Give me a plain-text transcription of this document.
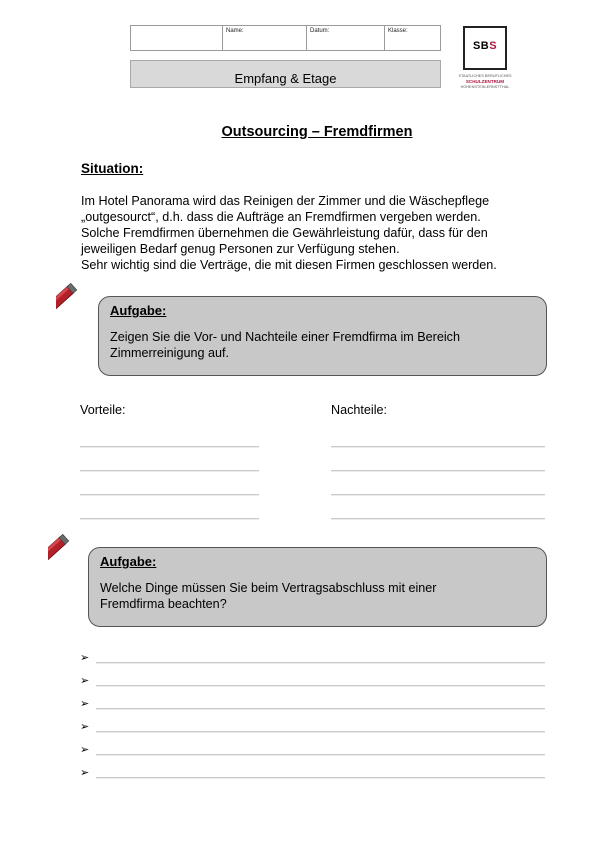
Name:	Datum:	Klasse:
Empfang & Etage
SBS
STAATLICHES BERUFLICHES
SCHULZENTRUM
HOHENSTEIN-ERNSTTHAL
Outsourcing – Fremdfirmen
Situation:
Im Hotel Panorama wird das Reinigen der Zimmer und die Wäschepflege
„outgesourct“, d.h. dass die Aufträge an Fremdfirmen vergeben werden.
Solche Fremdfirmen übernehmen die Gewährleistung dafür, dass für den
jeweiligen Bedarf genug Personen zur Verfügung stehen.
Sehr wichtig sind die Verträge, die mit diesen Firmen geschlossen werden.
Aufgabe:
Zeigen Sie die Vor- und Nachteile einer Fremdfirma im Bereich
Zimmerreinigung auf.
Vorteile:	Nachteile:
Aufgabe:
Welche Dinge müssen Sie beim Vertragsabschluss mit einer
Fremdfirma beachten?
➢
➢
➢
➢
➢
➢
